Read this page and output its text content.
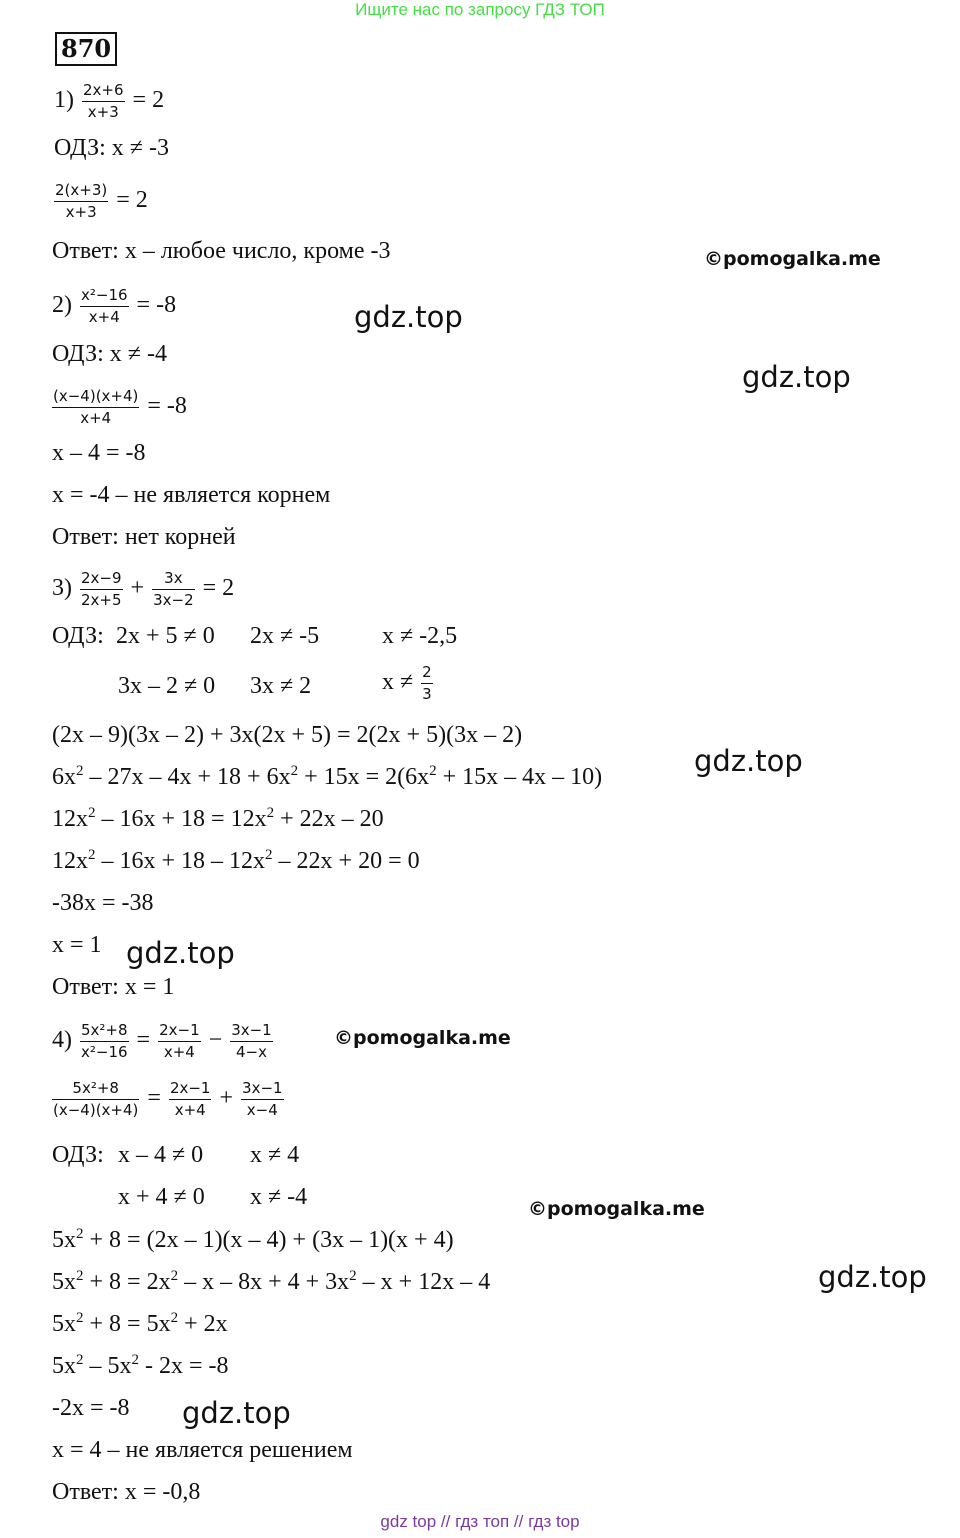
Ищите нас по запросу ГДЗ ТОП
870
$1) \frac{2x+6}{x+3} = 2$
ОДЗ: x ≠ -3
$\frac{2(x+3)}{x+3} = 2$
Ответ: x – любое число, кроме -3
$2) \frac{\text{x²−16}}{x+4} = -8$
ОДЗ: x ≠ -4
$\frac{(x-4)(x+4)}{x+4} = -8$
x – 4 = -8
x = -4 – не является корнем
Ответ: нет корней
$3) \frac{2x-9}{2x+5} + \frac{3x}{3x-2} = 2$
ОДЗ: 2x + 5 ≠ 0 2x ≠ -5	x ≠ -2,5
3x – 2 ≠ 0 3x ≠ 2	$x \ne \frac{2}{3}$
(2x – 9)(3x – 2) + 3x(2x + 5) = 2(2x + 5)(3x – 2)
$6x^2 - 27x - 4x + 18 + 6x^2 + 15x = 2(6x^2 + 15x - 4x - 10)$
$12x^2 - 16x + 18 = 12x^2 + 22x - 20$
$12x^2 - 16x + 18 - 12x^2 - 22x + 20 = 0$
-38x = -38
x = 1
Ответ: x = 1
$4) \frac{\text{5x²+8}}{\text{x²−16}} = \frac{2x-1}{x+4} - \frac{3x-1}{4-x}$
$\frac{\text{5x²+8}}{(x-4)(x+4)} = \frac{2x-1}{x+4} + \frac{3x-1}{x-4}$
ОДЗ: x – 4 ≠ 0 x ≠ 4
x + 4 ≠ 0 x ≠ -4
$5x^2 + 8 = (2x - 1)(x - 4) + (3x - 1)(x + 4)$
$5x^2 + 8 = 2x^2 - x - 8x + 4 + 3x^2 - x + 12x - 4$
$5x^2 + 8 = 5x^2 + 2x$
$5x^2 - 5x^2 - 2x = -8$
-2x = -8
x = 4 – не является решением
Ответ: x = -0,8
©pomogalka.me
gdz.top
gdz.top
gdz.top
gdz.top
©pomogalka.me
©pomogalka.me
gdz.top
gdz.top
gdz top // гдз топ // гдз top
